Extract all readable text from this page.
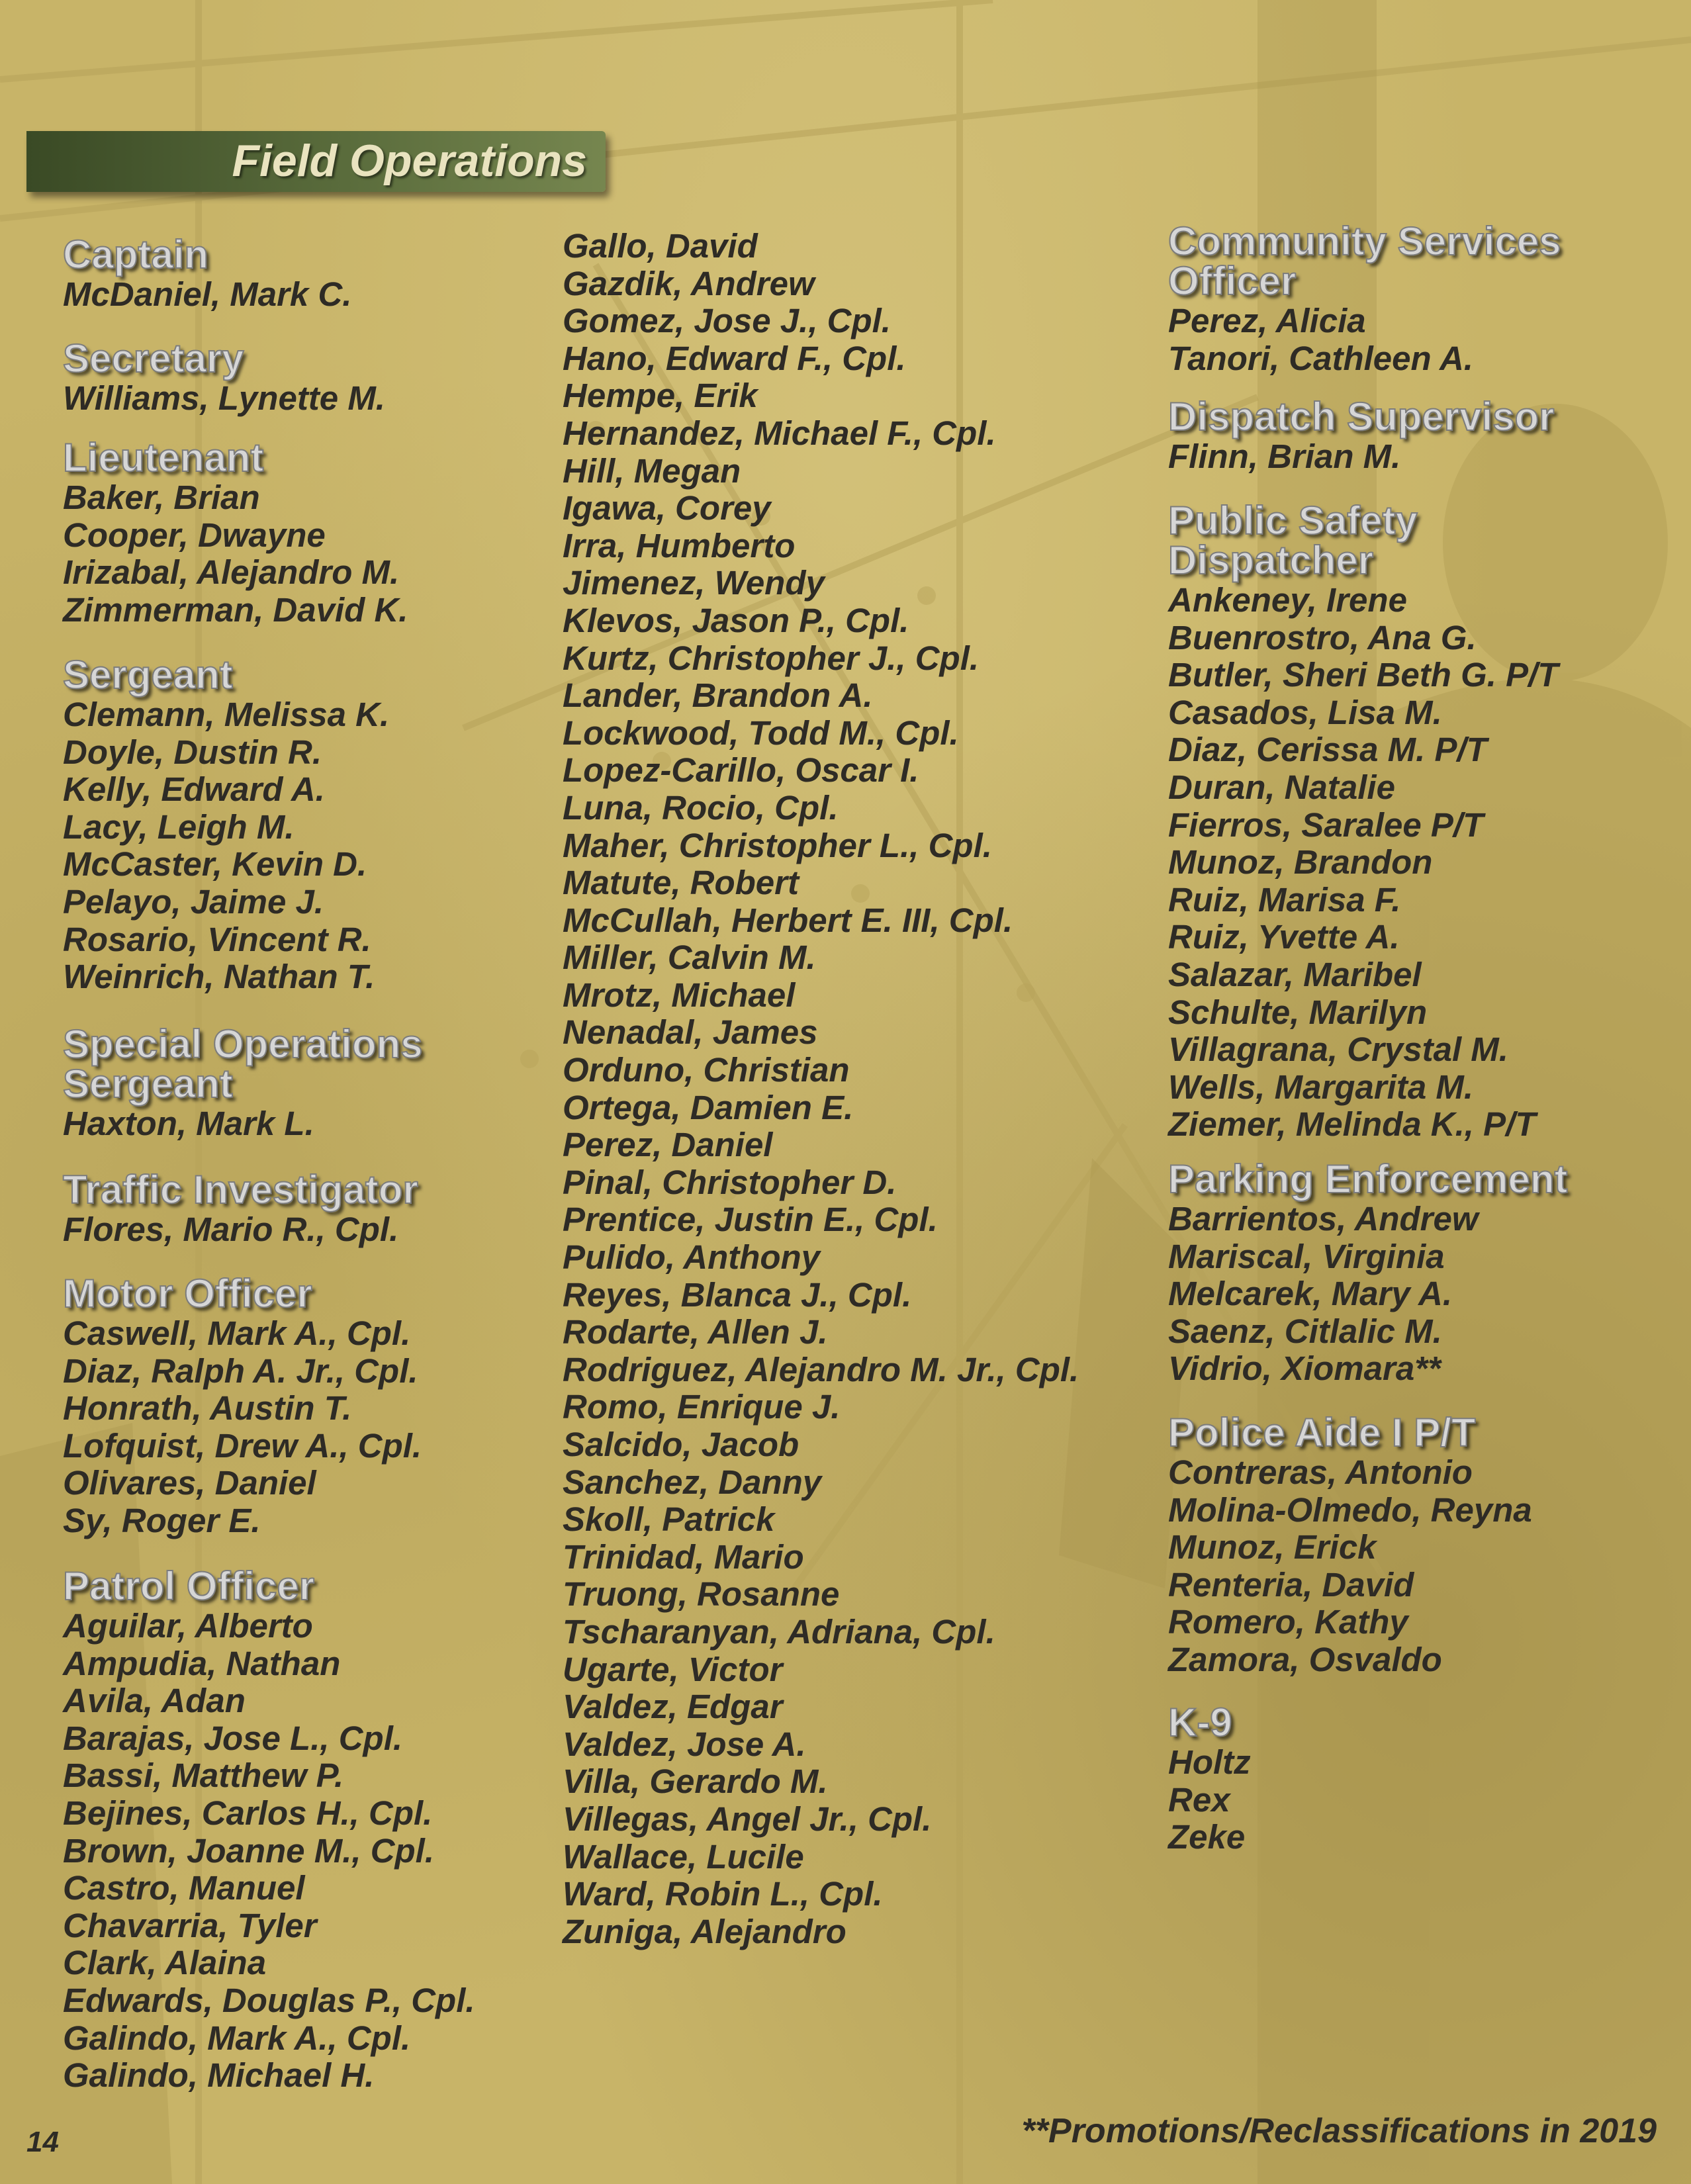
Field Operations
Captain
McDaniel, Mark C.
Secretary
Williams, Lynette M.
Lieutenant
Baker, Brian
Cooper, Dwayne
Irizabal, Alejandro M.
Zimmerman, David K.
Sergeant
Clemann, Melissa K.
Doyle, Dustin R.
Kelly, Edward A.
Lacy, Leigh M.
McCaster, Kevin D.
Pelayo, Jaime J.
Rosario, Vincent R.
Weinrich, Nathan T.
Special Operations
Sergeant
Haxton, Mark L.
Traffic Investigator
Flores, Mario R., Cpl.
Motor Officer
Caswell, Mark A., Cpl.
Diaz, Ralph A. Jr., Cpl.
Honrath, Austin T.
Lofquist, Drew A., Cpl.
Olivares, Daniel
Sy, Roger E.
Patrol Officer
Aguilar, Alberto
Ampudia, Nathan
Avila, Adan
Barajas, Jose L., Cpl.
Bassi, Matthew P.
Bejines, Carlos H., Cpl.
Brown, Joanne M., Cpl.
Castro, Manuel
Chavarria, Tyler
Clark, Alaina
Edwards, Douglas P., Cpl.
Galindo, Mark A., Cpl.
Galindo, Michael H.
Gallo, David
Gazdik, Andrew
Gomez, Jose J., Cpl.
Hano, Edward F., Cpl.
Hempe, Erik
Hernandez, Michael F., Cpl.
Hill, Megan
Igawa, Corey
Irra, Humberto
Jimenez, Wendy
Klevos, Jason P., Cpl.
Kurtz, Christopher J., Cpl.
Lander, Brandon A.
Lockwood, Todd M., Cpl.
Lopez-Carillo, Oscar I.
Luna, Rocio, Cpl.
Maher, Christopher L., Cpl.
Matute, Robert
McCullah, Herbert E. III, Cpl.
Miller, Calvin M.
Mrotz, Michael
Nenadal, James
Orduno, Christian
Ortega, Damien E.
Perez, Daniel
Pinal, Christopher D.
Prentice, Justin E., Cpl.
Pulido, Anthony
Reyes, Blanca J., Cpl.
Rodarte, Allen J.
Rodriguez, Alejandro M. Jr., Cpl.
Romo, Enrique J.
Salcido, Jacob
Sanchez, Danny
Skoll, Patrick
Trinidad, Mario
Truong, Rosanne
Tscharanyan, Adriana, Cpl.
Ugarte, Victor
Valdez, Edgar
Valdez, Jose A.
Villa, Gerardo M.
Villegas, Angel Jr., Cpl.
Wallace, Lucile
Ward, Robin L., Cpl.
Zuniga, Alejandro
Community Services
Officer
Perez, Alicia
Tanori, Cathleen A.
Dispatch Supervisor
Flinn, Brian M.
Public Safety
Dispatcher
Ankeney, Irene
Buenrostro, Ana G.
Butler, Sheri Beth G. P/T
Casados, Lisa M.
Diaz, Cerissa M. P/T
Duran, Natalie
Fierros, Saralee P/T
Munoz, Brandon
Ruiz, Marisa F.
Ruiz, Yvette A.
Salazar, Maribel
Schulte, Marilyn
Villagrana, Crystal M.
Wells, Margarita M.
Ziemer, Melinda K., P/T
Parking Enforcement
Barrientos, Andrew
Mariscal, Virginia
Melcarek, Mary A.
Saenz, Citlalic M.
Vidrio, Xiomara**
Police Aide I P/T
Contreras, Antonio
Molina-Olmedo, Reyna
Munoz, Erick
Renteria, David
Romero, Kathy
Zamora, Osvaldo
K-9
Holtz
Rex
Zeke
14	**Promotions/Reclassifications in 2019
